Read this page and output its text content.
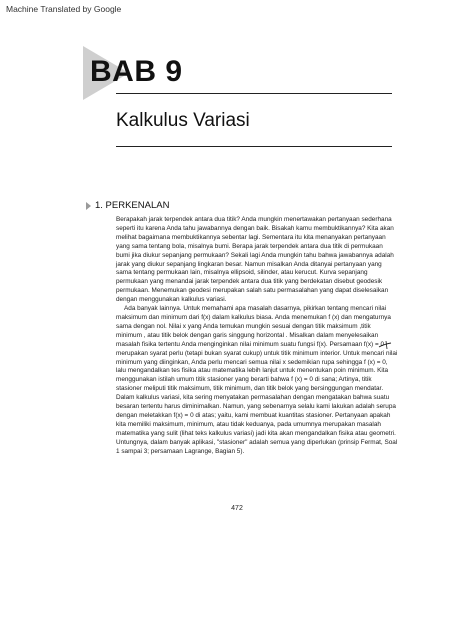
Machine Translated by Google
BAB 9
Kalkulus Variasi
1. PERKENALAN

Berapakah jarak terpendek antara dua titik? Anda mungkin menertawakan pertanyaan sederhana seperti itu karena Anda tahu jawabannya dengan baik. Bisakah kamu membuktikannya? Kita akan melihat bagaimana membuktikannya sebentar lagi. Sementara itu kita menanyakan pertanyaan yang sama tentang bola, misalnya bumi. Berapa jarak terpendek antara dua titik di permukaan bumi jika diukur sepanjang permukaan? Sekali lagi Anda mungkin tahu bahwa jawabannya adalah jarak yang diukur sepanjang lingkaran besar. Namun misalkan Anda ditanyai pertanyaan yang sama tentang permukaan lain, misalnya ellipsoid, silinder, atau kerucut. Kurva sepanjang permukaan yang menandai jarak terpendek antara dua titik yang berdekatan disebut geodesik permukaan. Menemukan geodesi merupakan salah satu permasalahan yang dapat diselesaikan dengan menggunakan kalkulus variasi.

Ada banyak lainnya. Untuk memahami apa masalah dasarnya, pikirkan tentang mencari nilai maksimum dan minimum dari f(x) dalam kalkulus biasa. Anda menemukan f (x) dan mengaturnya sama dengan nol. Nilai x yang Anda temukan mungkin sesuai dengan titik maksimum ,titik minimum , atau titik belok dengan garis singgung horizontal . Misalkan dalam menyelesaikan masalah fisika tertentu Anda menginginkan nilai minimum suatu fungsi f(x). Persamaan f(x) = 0 merupakan syarat perlu (tetapi bukan syarat cukup) untuk titik minimum interior. Untuk mencari nilai minimum yang diinginkan, Anda perlu mencari semua nilai x sedemikian rupa sehingga f (x) = 0, lalu mengandalkan tes fisika atau matematika lebih lanjut untuk menentukan poin minimum. Kita menggunakan istilah umum titik stasioner yang berarti bahwa f (x) = 0 di sana; Artinya, titik stasioner meliputi titik maksimum, titik minimum, dan titik belok yang bersinggungan mendatar. Dalam kalkulus variasi, kita sering menyatakan permasalahan dengan mengatakan bahwa suatu besaran tertentu harus diminimalkan. Namun, yang sebenarnya selalu kami lakukan adalah serupa dengan meletakkan f(x) = 0 di atas; yaitu, kami membuat kuantitas stasioner. Pertanyaan apakah kita memiliki maksimum, minimum, atau tidak keduanya, pada umumnya merupakan masalah matematika yang sulit (lihat teks kalkulus variasi) jadi kita akan mengandalkan fisika atau geometri. Untungnya, dalam banyak aplikasi, "stasioner" adalah semua yang diperlukan (prinsip Fermat, Soal 1 sampai 3; persamaan Lagrange, Bagian 5).

472
